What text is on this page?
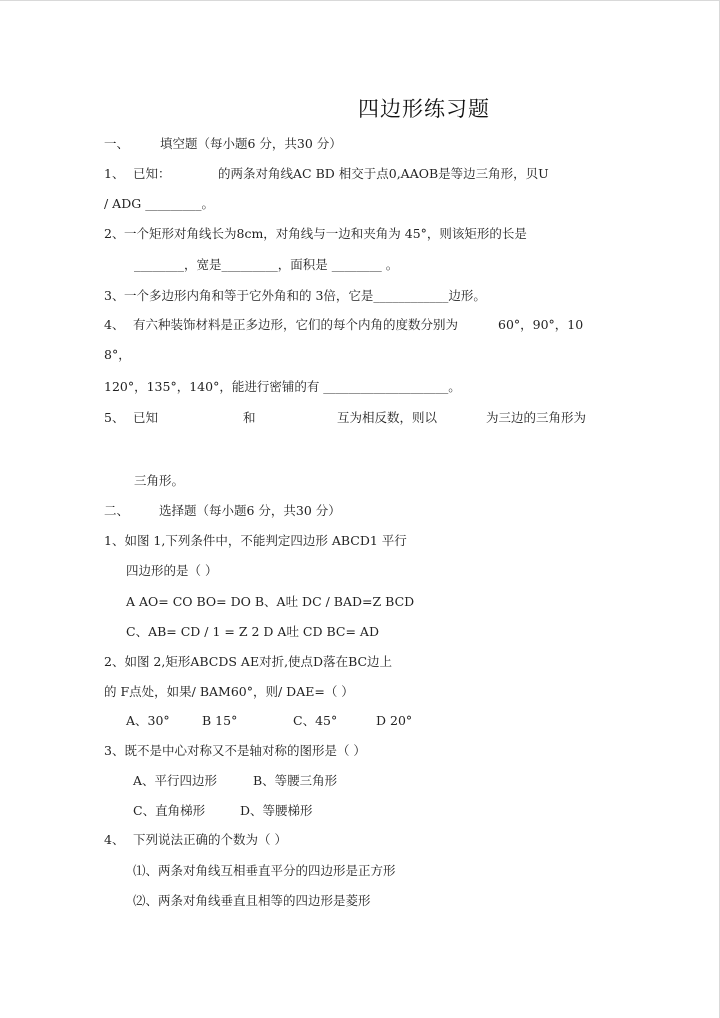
四边形练习题
一、 填空题（每小题6 分，共30 分）
1、 已知：	的两条对角线AC BD 相交于点0,AAOB是等边三角形，贝U
/ ADG _________。
2、 一个矩形对角线长为8cm，对角线与一边和夹角为 45°，则该矩形的长是
________，宽是_________，面积是 ________ 。
3、 一个多边形内角和等于它外角和的 3倍，它是____________边形。
4、 有六种装饰材料是正多边形，它们的每个内角的度数分别为	60°，90°，10
8°，
120°，135°，140°，能进行密铺的有 ____________________。
5、 已知	和	互为相反数，则以	为三边的三角形为
三角形。
二、 选择题（每小题6 分，共30 分）
1、如图 1,下列条件中，不能判定四边形 ABCD1 平行
四边形的是（ ）
A AO= CO BO= DO B、A吐 DC / BAD=Z BCD
C、AB= CD / 1 = Z 2 D A吐 CD BC= AD
2、如图 2,矩形ABCDS AE对折,使点D落在BC边上
的 F点处，如果/ BAM60°，则/ DAE=（ ）
A、30°	B 15°	C、45°	D 20°
3、既不是中心对称又不是轴对称的图形是（ ）
A、平行四边形	B、等腰三角形
C、直角梯形	D、等腰梯形
4、 下列说法正确的个数为（ ）
⑴、两条对角线互相垂直平分的四边形是正方形
⑵、两条对角线垂直且相等的四边形是菱形
